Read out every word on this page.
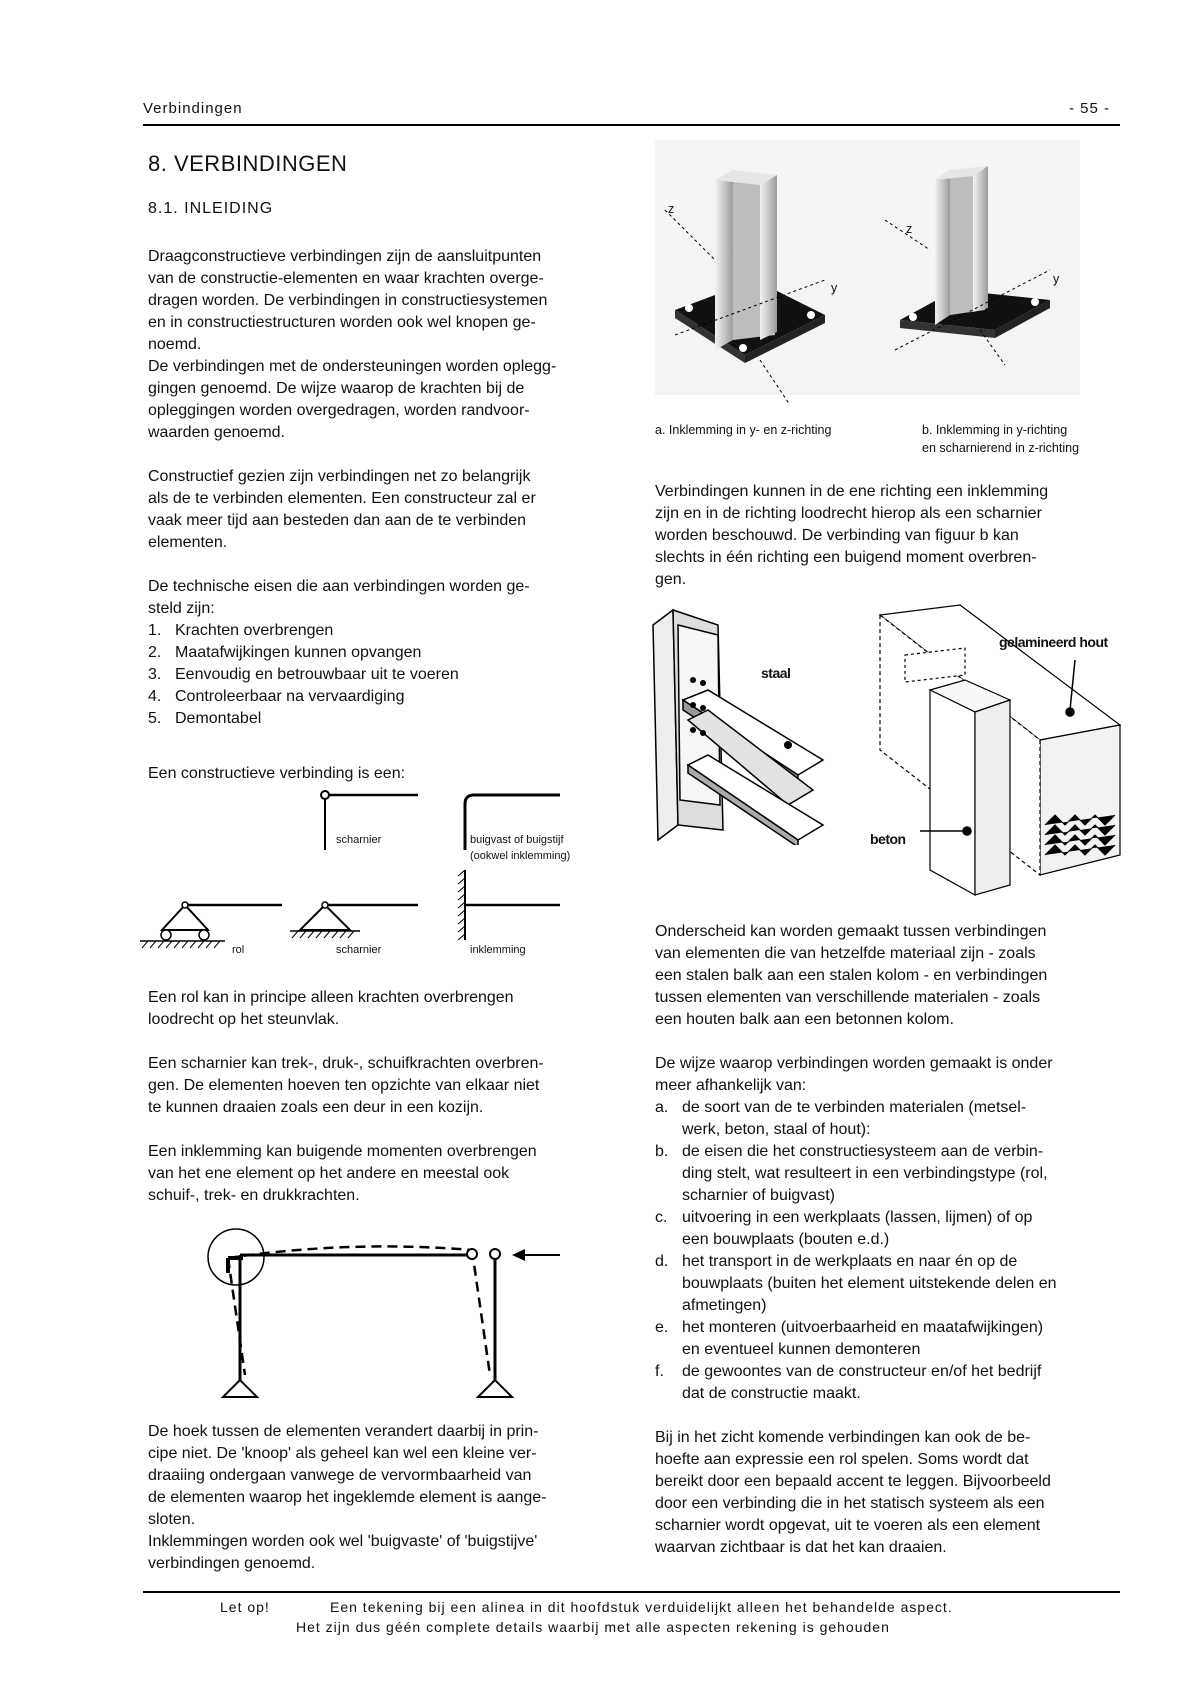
Verbindingen	- 55 -
8. VERBINDINGEN
8.1. INLEIDING
Draagconstructieve verbindingen zijn de aansluitpunten
van de constructie-elementen en waar krachten overge-
dragen worden. De verbindingen in constructiesystemen
en in constructiestructuren worden ook wel knopen ge-
noemd.
De verbindingen met de ondersteuningen worden oplegg-
gingen genoemd. De wijze waarop de krachten bij de
opleggingen worden overgedragen, worden randvoor-
waarden genoemd.
Constructief gezien zijn verbindingen net zo belangrijk
als de te verbinden elementen. Een constructeur zal er
vaak meer tijd aan besteden dan aan de te verbinden
elementen.
De technische eisen die aan verbindingen worden ge-
steld zijn:
1. Krachten overbrengen
2. Maatafwijkingen kunnen opvangen
3. Eenvoudig en betrouwbaar uit te voeren
4. Controleerbaar na vervaardiging
5. Demontabel
Een constructieve verbinding is een:
scharnier	buigvast of buigstijf
(ookwel inklemming)
rol	scharnier	inklemming
Een rol kan in principe alleen krachten overbrengen
loodrecht op het steunvlak.
Een scharnier kan trek-, druk-, schuifkrachten overbren-
gen. De elementen hoeven ten opzichte van elkaar niet
te kunnen draaien zoals een deur in een kozijn.
Een inklemming kan buigende momenten overbrengen
van het ene element op het andere en meestal ook
schuif-, trek- en drukkrachten.
De hoek tussen de elementen verandert daarbij in prin-
cipe niet. De 'knoop' als geheel kan wel een kleine ver-
draaiing ondergaan vanwege de vervormbaarheid van
de elementen waarop het ingeklemde element is aange-
sloten.
Inklemmingen worden ook wel 'buigvaste' of 'buigstijve'
verbindingen genoemd.
z
y
z
y
a. Inklemming in y- en z-richting	b. Inklemming in y-richting
en scharnierend in z-richting
Verbindingen kunnen in de ene richting een inklemming
zijn en in de richting loodrecht hierop als een scharnier
worden beschouwd. De verbinding van figuur b kan
slechts in één richting een buigend moment overbren-
gen.
staal
gelamineerd hout
beton
Onderscheid kan worden gemaakt tussen verbindingen
van elementen die van hetzelfde materiaal zijn - zoals
een stalen balk aan een stalen kolom - en verbindingen
tussen elementen van verschillende materialen - zoals
een houten balk aan een betonnen kolom.
De wijze waarop verbindingen worden gemaakt is onder
meer afhankelijk van:
a. de soort van de te verbinden materialen (metsel-
werk, beton, staal of hout):
b. de eisen die het constructiesysteem aan de verbin-
ding stelt, wat resulteert in een verbindingstype (rol,
scharnier of buigvast)
c. uitvoering in een werkplaats (lassen, lijmen) of op
een bouwplaats (bouten e.d.)
d. het transport in de werkplaats en naar én op de
bouwplaats (buiten het element uitstekende delen en
afmetingen)
e. het monteren (uitvoerbaarheid en maatafwijkingen)
en eventueel kunnen demonteren
f.	de gewoontes van de constructeur en/of het bedrijf
dat de constructie maakt.
Bij in het zicht komende verbindingen kan ook de be-
hoefte aan expressie een rol spelen. Soms wordt dat
bereikt door een bepaald accent te leggen. Bijvoorbeeld
door een verbinding die in het statisch systeem als een
scharnier wordt opgevat, uit te voeren als een element
waarvan zichtbaar is dat het kan draaien.
Let op!	Een tekening bij een alinea in dit hoofdstuk verduidelijkt alleen het behandelde aspect.
Het zijn dus géén complete details waarbij met alle aspecten rekening is gehouden
